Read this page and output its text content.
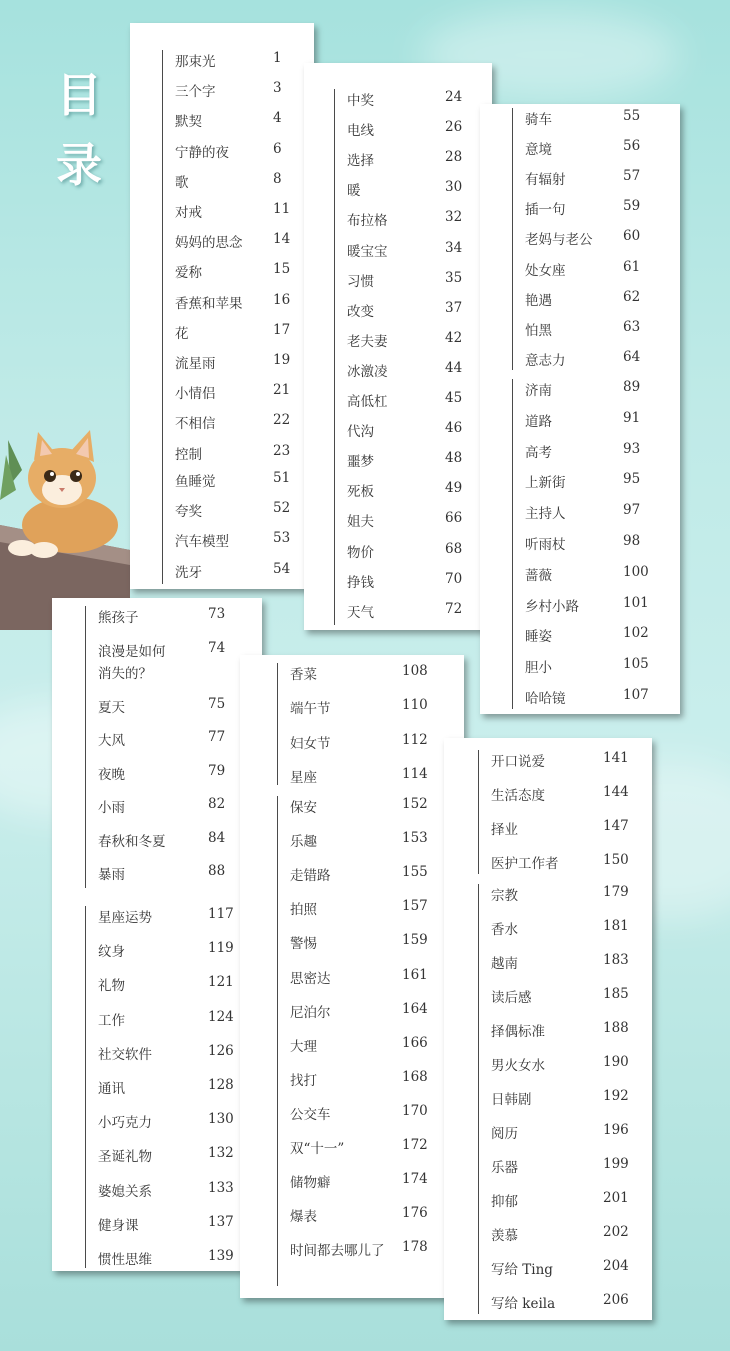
目
录
那束光	1
三个字	3
默契	4
宁静的夜	6
歌	8
对戒	11
妈妈的思念 14
爱称	15
香蕉和苹果 16
花	17
流星雨	19
小情侣	21
不相信	22
控制	23
鱼睡觉	51
夸奖	52
汽车模型	53
洗牙	54
中奖	24
电线	26
选择	28
暖	30
布拉格	32
暖宝宝	34
习惯	35
改变	37
老夫妻	42
冰激凌	44
高低杠	45
代沟	46
噩梦	48
死板	49
姐夫	66
物价	68
挣钱	70
天气	72
骑车	55
意境	56
有辐射	57
插一句	59
老妈与老公 60
处女座	61
艳遇	62
怕黑	63
意志力	64
济南	89
道路	91
高考	93
上新街	95
主持人	97
听雨杖	98
蔷薇	100
乡村小路	101
睡姿	102
胆小	105
哈哈镜	107
熊孩子	73
浪漫是如何	74
消失的？
夏天	75
大风	77
夜晚	79
小雨	82
春秋和冬夏	84
暴雨	88
星座运势	117
纹身	119
礼物	121
工作	124
社交软件	126
通讯	128
小巧克力	130
圣诞礼物	132
婆媳关系	133
健身课	137
惯性思维	139
香菜	108
端午节	110
妇女节	112
星座	114
保安	152
乐趣	153
走错路	155
拍照	157
警惕	159
思密达	161
尼泊尔	164
大理	166
找打	168
公交车	170
双“十一”	172
储物癖	174
爆表	176
时间都去哪儿了 178
开口说爱	141
生活态度	144
择业	147
医护工作者	150
宗教	179
香水	181
越南	183
读后感	185
择偶标准	188
男火女水	190
日韩剧	192
阅历	196
乐器	199
抑郁	201
羡慕	202
写给 Ting	204
写给 keila	206
